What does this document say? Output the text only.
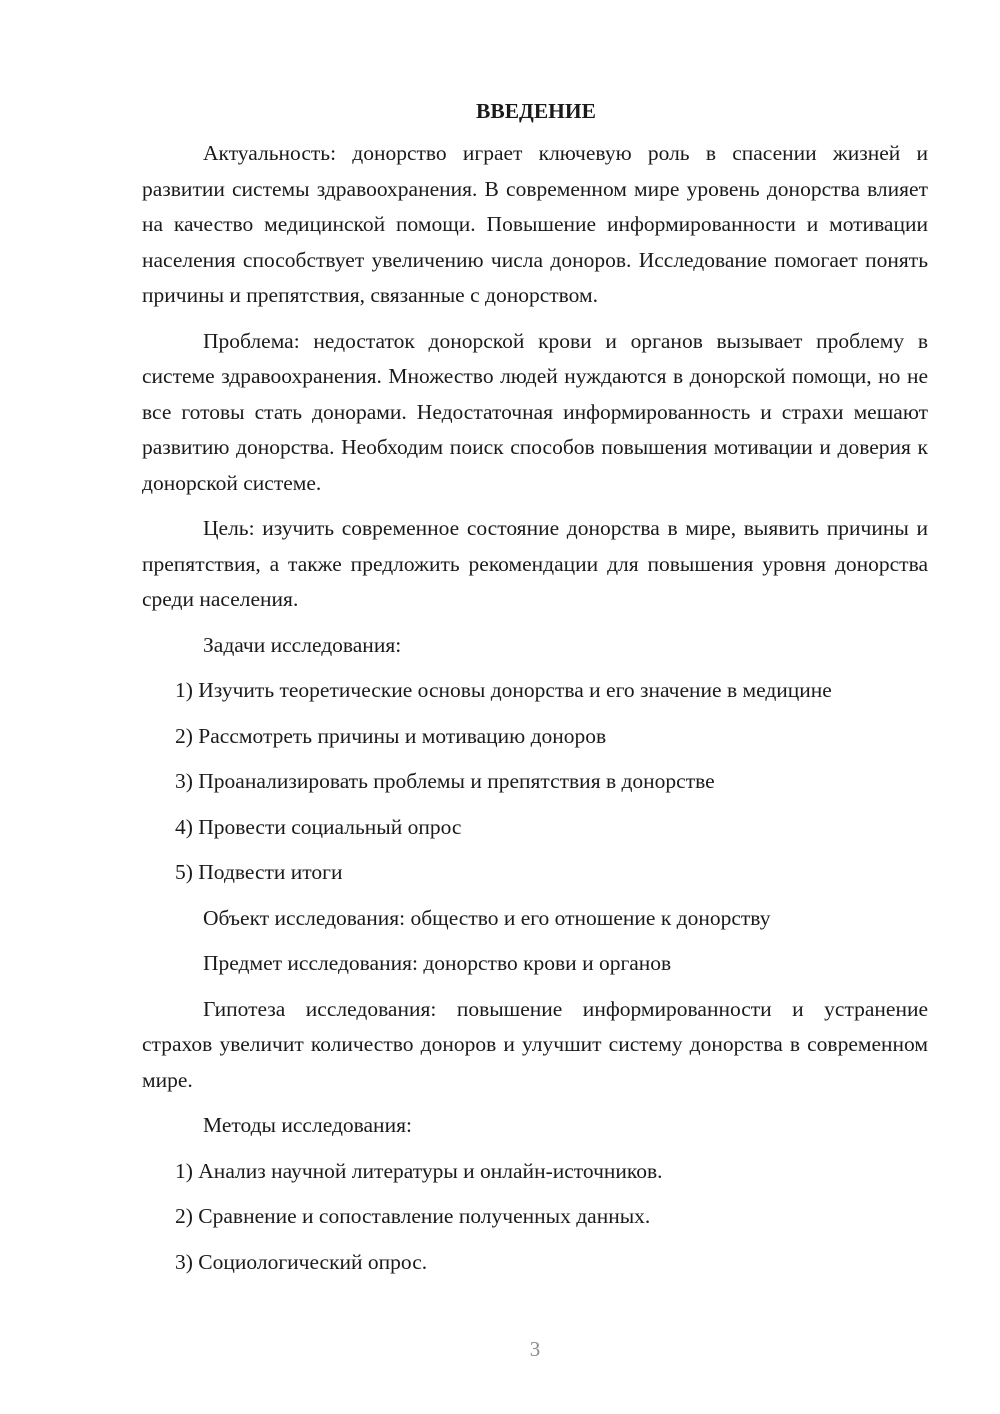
ВВЕДЕНИЕ

Актуальность: донорство играет ключевую роль в спасении жизней и развитии системы здравоохранения. В современном мире уровень донорства влияет на качество медицинской помощи. Повышение информированности и мотивации населения способствует увеличению числа доноров. Исследование помогает понять причины и препятствия, связанные с донорством.

Проблема: недостаток донорской крови и органов вызывает проблему в системе здравоохранения. Множество людей нуждаются в донорской помощи, но не все готовы стать донорами. Недостаточная информированность и страхи мешают развитию донорства. Необходим поиск способов повышения мотивации и доверия к донорской системе.

Цель: изучить современное состояние донорства в мире, выявить причины и препятствия, а также предложить рекомендации для повышения уровня донорства среди населения.

Задачи исследования:
1) Изучить теоретические основы донорства и его значение в медицине
2) Рассмотреть причины и мотивацию доноров
3) Проанализировать проблемы и препятствия в донорстве
4) Провести социальный опрос
5) Подвести итоги
Объект исследования: общество и его отношение к донорству
Предмет исследования: донорство крови и органов

Гипотеза исследования: повышение информированности и устранение страхов увеличит количество доноров и улучшит систему донорства в современном мире.

Методы исследования:
1) Анализ научной литературы и онлайн-источников.
2) Сравнение и сопоставление полученных данных.
3) Социологический опрос.
3
